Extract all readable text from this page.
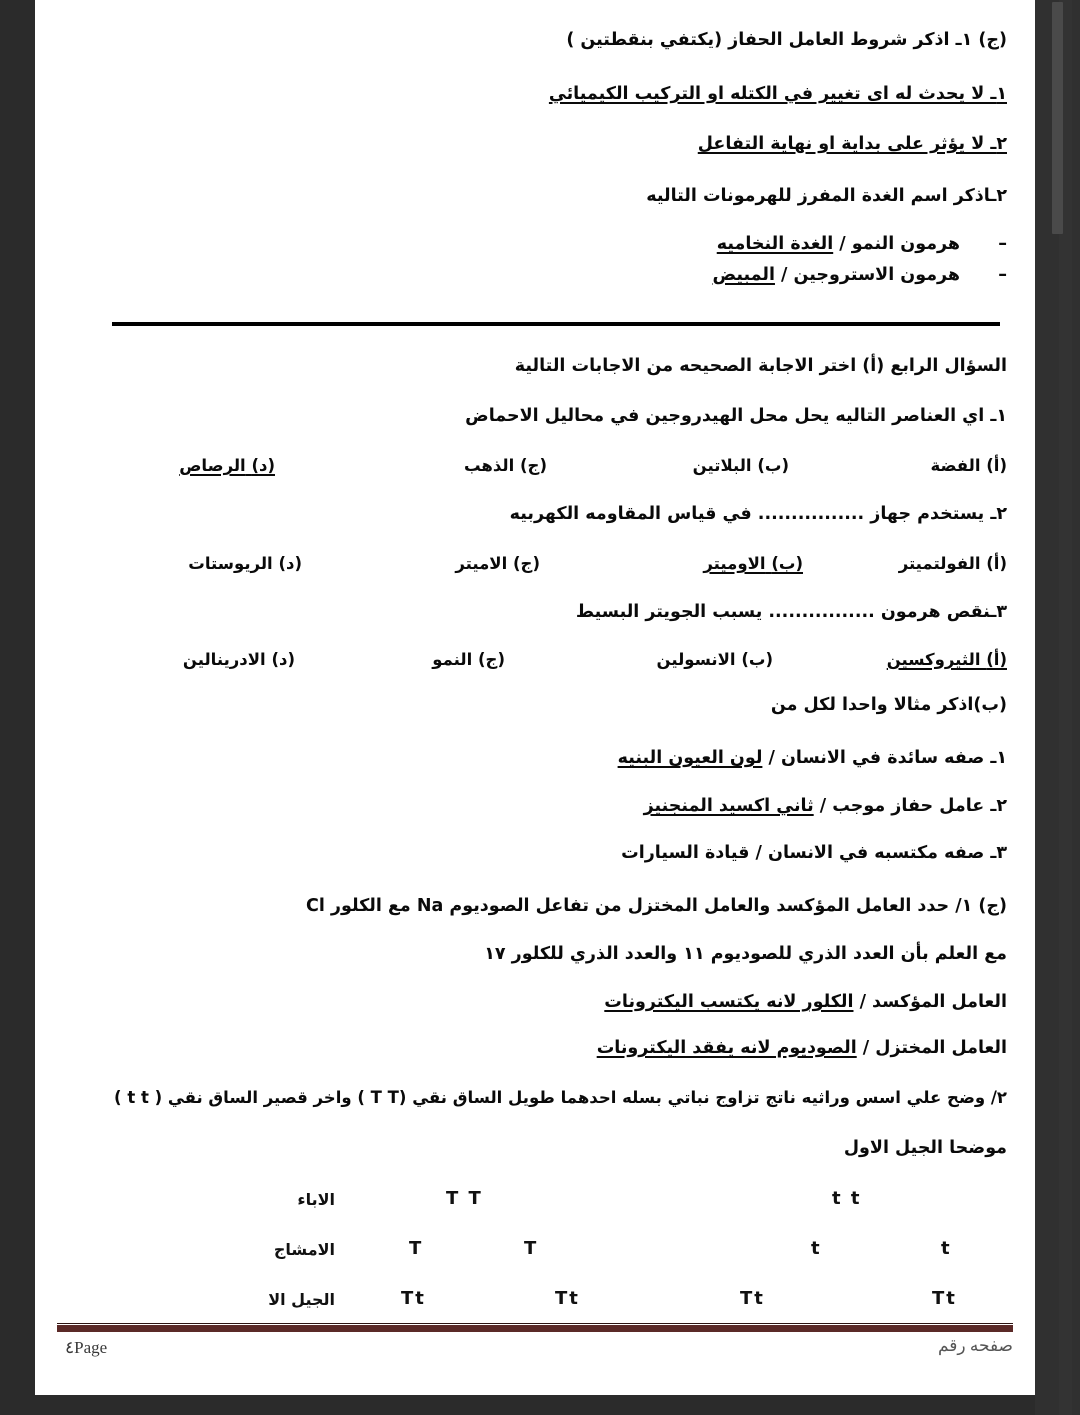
(ج) ١ـ اذكر شروط العامل الحفاز (يكتفي بنقطتين )
١ـ لا يحدث له اى تغيير في الكتله او التركيب الكيميائي
٢ـ لا يؤثر على بداية او نهاية التفاعل
٢ـاذكر اسم الغدة المفرز للهرمونات التاليه
–  هرمون النمو / الغدة النخاميه
–  هرمون الاستروجين / المبيض
السؤال الرابع (أ) اختر الاجابة الصحيحه من الاجابات التالية
١ـ اي العناصر التاليه يحل محل الهيدروجين في محاليل الاحماض
(أ) الفضة
(ب) البلاتين
(ج) الذهب
(د) الرصاص
٢ـ يستخدم جهاز ................ في قياس المقاومه الكهربيه
(أ) الفولتميتر
(ب) الاوميتر
(ج) الاميتر
(د) الريوستات
٣ـنقص هرمون ................ يسبب الجويتر البسيط
(أ) الثيروكسين
(ب) الانسولين
(ج) النمو
(د) الادرينالين
(ب)اذكر مثالا واحدا لكل من
١ـ صفه سائدة في الانسان / لون العيون البنيه
٢ـ عامل حفاز موجب / ثاني اكسيد المنجنيز
٣ـ صفه مكتسبه في الانسان / قيادة السيارات
(ج) ١/ حدد العامل المؤكسد والعامل المختزل من تفاعل الصوديوم Na مع الكلور Cl
مع العلم بأن العدد الذري للصوديوم ١١ والعدد الذري للكلور ١٧
العامل المؤكسد / الكلور لانه يكتسب اليكترونات
العامل المختزل / الصوديوم لانه يفقد اليكترونات
٢/ وضح علي اسس وراثيه ناتج تزاوج نباتي بسله احدهما طويل الساق نقي (T T ) واخر قصير الساق نقي ( t t )
موضحا الجيل الاول
الاباء	T T	t t
الامشاج	T	T	t	t
الجيل الا	Tt	Tt	Tt	Tt
٤Page	صفحه رقم
